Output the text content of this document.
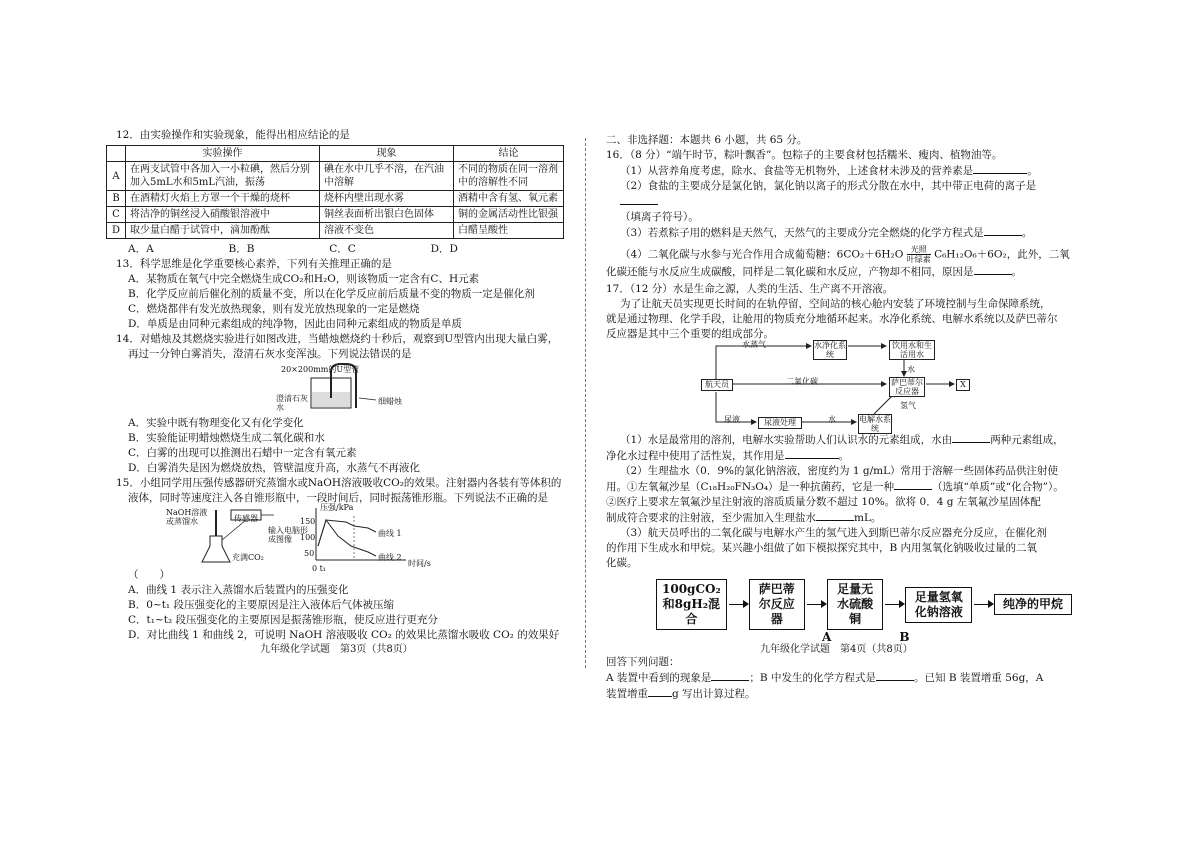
12．由实验操作和实验现象，能得出相应结论的是

	实验操作	现象	结论
A	在两支试管中各加入一小粒碘，然后分别加入5mL水和5mL汽油，振荡	碘在水中几乎不溶，在汽油中溶解	不同的物质在同一溶剂中的溶解性不同
B	在酒精灯火焰上方罩一个干燥的烧杯	烧杯内壁出现水雾	酒精中含有氢、氧元素
C	将洁净的铜丝浸入硝酸银溶液中	铜丝表面析出银白色固体	铜的金属活动性比银强
D	取少量白醋于试管中，滴加酚酞	溶液不变色	白醋呈酸性
A．A	B．B	C．C	D．D

13．科学思维是化学重要核心素养，下列有关推理正确的是

A．某物质在氧气中完全燃烧生成CO₂和H₂O，则该物质一定含有C、H元素

B．化学反应前后催化剂的质量不变，所以在化学反应前后质量不变的物质一定是催化剂

C．燃烧都伴有发光放热现象，则有发光放热现象的一定是燃烧

D．单质是由同种元素组成的纯净物，因此由同种元素组成的物质是单质

14．对蜡烛及其燃烧实验进行如图改进，当蜡烛燃烧约十秒后，观察到U型管内出现大量白雾，

再过一分钟白雾消失，澄清石灰水变浑浊。下列说法错误的是

20×200mm的U型管
澄清石灰水
细蜡烛

A．实验中既有物理变化又有化学变化

B．实验能证明蜡烛燃烧生成二氧化碳和水

C．白雾的出现可以推测出石蜡中一定含有氧元素

D．白雾消失是因为燃烧放热，管壁温度升高，水蒸气不再液化

15．小组同学用压强传感器研究蒸馏水或NaOH溶液吸收CO₂的效果。注射器内各装有等体积的

液体，同时等速度注入各自锥形瓶中，一段时间后，同时振荡锥形瓶。下列说法不正确的是

NaOH溶液或蒸馏水	传感器
输入电脑形成图像
充满CO₂
压强/kPa
150
100
50
时间/s
曲线 1
曲线 2
0 t₁

（　　）

A．曲线 1 表示注入蒸馏水后装置内的压强变化

B．0~t₁ 段压强变化的主要原因是注入液体后气体被压缩

C．t₁~t₂ 段压强变化的主要原因是振荡锥形瓶，使反应进行更充分

D．对比曲线 1 和曲线 2，可说明 NaOH 溶液吸收 CO₂ 的效果比蒸馏水吸收 CO₂ 的效果好

九年级化学试题　第3页（共8页）

二、非选择题：本题共 6 小题，共 65 分。

16．（8 分）“端午时节，粽叶飘香”。包粽子的主要食材包括糯米、瘦肉、植物油等。

（1）从营养角度考虑，除水、食盐等无机物外，上述食材未涉及的营养素是	。

（2）食盐的主要成分是氯化钠，氯化钠以离子的形式分散在水中，其中带正电荷的离子是

（填离子符号）。

（3）若煮粽子用的燃料是天然气，天然气的主要成分完全燃烧的化学方程式是	。

（4）二氧化碳与水参与光合作用合成葡萄糖：6CO₂＋6H₂O 光照
叶绿素 C₆H₁₂O₆＋6O₂，此外，二氧

化碳还能与水反应生成碳酸，同样是二氧化碳和水反应，产物却不相同，原因是	。

17．（12 分）水是生命之源，人类的生活、生产离不开溶液。

为了让航天员实现更长时间的在轨停留，空间站的核心舱内安装了环境控制与生命保障系统，

就是通过物理、化学手段，让舱用的物质充分地循环起来。水净化系统、电解水系统以及萨巴蒂尔

反应器是其中三个重要的组成部分。

水蒸气	水净化系统
饮用水和生活用水
航天员	二氧化碳
水
萨巴蒂尔反应器
X
尿液	尿液处理	水	电解水系统
氢气

（1）水是最常用的溶剂，电解水实验帮助人们认识水的元素组成，水由	两种元素组成，

净化水过程中使用了活性炭，其作用是	。

（2）生理盐水（0．9%的氯化钠溶液，密度约为 1 g/mL）常用于溶解一些固体药品供注射使

用。①左氧氟沙星（C₁₈H₂₀FN₃O₄）是一种抗菌药，它是一种	（选填“单质”或“化合物”）。

②医疗上要求左氧氟沙星注射液的溶质质量分数不超过 10%。欲将 0．4 g 左氧氟沙星固体配

制成符合要求的注射液，至少需加入生理盐水	mL。

（3）航天员呼出的二氧化碳与电解水产生的氢气进入到斯巴蒂尔反应器充分反应，在催化剂

的作用下生成水和甲烷。某兴趣小组做了如下模拟探究其中，B 内用氢氧化钠吸收过量的二氧

化碳。

100gCO₂和8gH₂混合
萨巴蒂尔反应器
足量无水硫酸铜
足量氢氧化钠溶液
纯净的甲烷
A	B

回答下列问题：

A 装置中看到的现象是	；B 中发生的化学方程式是	。已知 B 装置增重 56g，A

装置增重 g 写出计算过程。

九年级化学试题　第4页（共8页）
